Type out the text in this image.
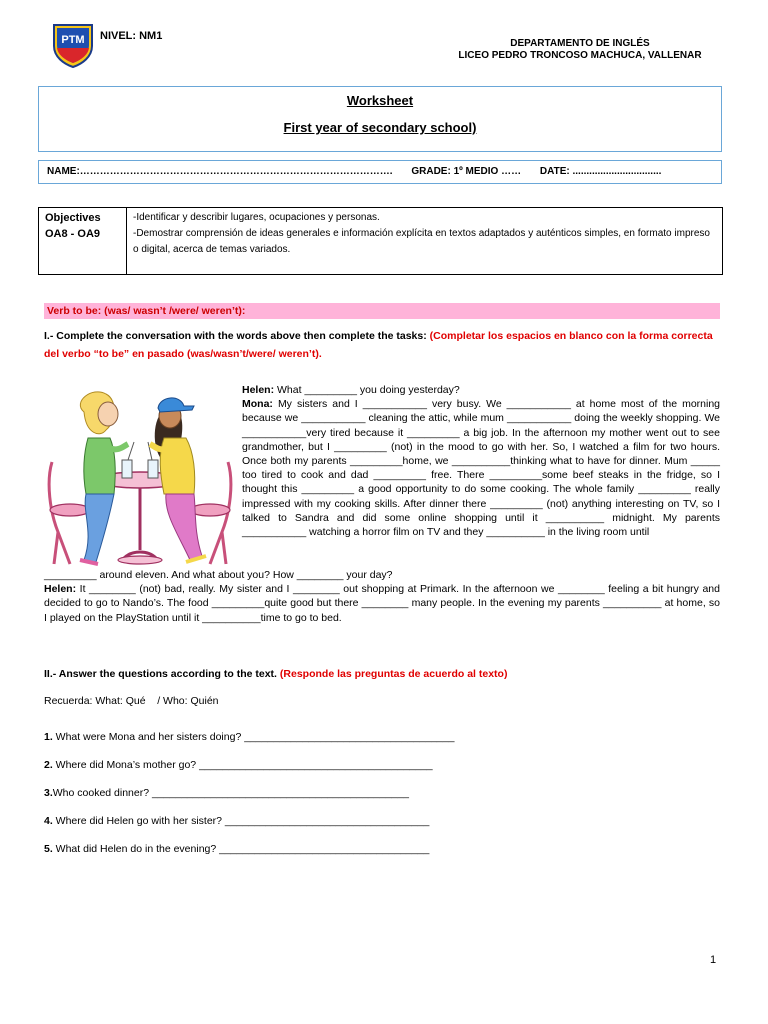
PTM NIVEL: NM1
DEPARTAMENTO DE INGLÉS
LICEO PEDRO TRONCOSO MACHUCA, VALLENAR
Worksheet
First year of secondary school)
NAME:…………………………………………………………………………………. GRADE: 1º MEDIO …… DATE: ................................
Objectives
OA8 - OA9
-Identificar y describir lugares, ocupaciones y personas.
-Demostrar comprensión de ideas generales e información explícita en textos adaptados y auténticos simples, en formato impreso o digital, acerca de temas variados.
Verb to be: (was/ wasn’t /were/ weren’t):
I.- Complete the conversation with the words above then complete the tasks: (Completar los espacios en blanco con la forma correcta del verbo “to be” en pasado (was/wasn’t/were/ weren’t).
Helen: What _________ you doing yesterday?
Mona: My sisters and I ___________ very busy. We ___________ at home most of the morning because we ___________ cleaning the attic, while mum ___________ doing the weekly shopping. We ___________very tired because it _________ a big job. In the afternoon my mother went out to see grandmother, but I _________ (not) in the mood to go with her. So, I watched a film for two hours. Once both my parents _________home, we __________thinking what to have for dinner. Mum _____ too tired to cook and dad _________ free. There _________some beef steaks in the fridge, so I thought this _________ a good opportunity to do some cooking. The whole family _________ really impressed with my cooking skills. After dinner there _________ (not) anything interesting on TV, so I talked to Sandra and did some online shopping until it __________ midnight. My parents ___________ watching a horror film on TV and they __________ in the living room until
_________ around eleven. And what about you? How ________ your day?
Helen: It ________ (not) bad, really. My sister and I ________ out shopping at Primark. In the afternoon we ________ feeling a bit hungry and decided to go to Nando’s. The food _________quite good but there ________ many people. In the evening my parents __________ at home, so I played on the PlayStation until it __________time to go to bed.
II.- Answer the questions according to the text. (Responde las preguntas de acuerdo al texto)
Recuerda: What: Qué    / Who: Quién
1. What were Mona and her sisters doing? ____________________________________
2. Where did Mona’s mother go? ________________________________________
3.Who cooked dinner? ____________________________________________
4. Where did Helen go with her sister? ___________________________________
5. What did Helen do in the evening? ____________________________________
1
